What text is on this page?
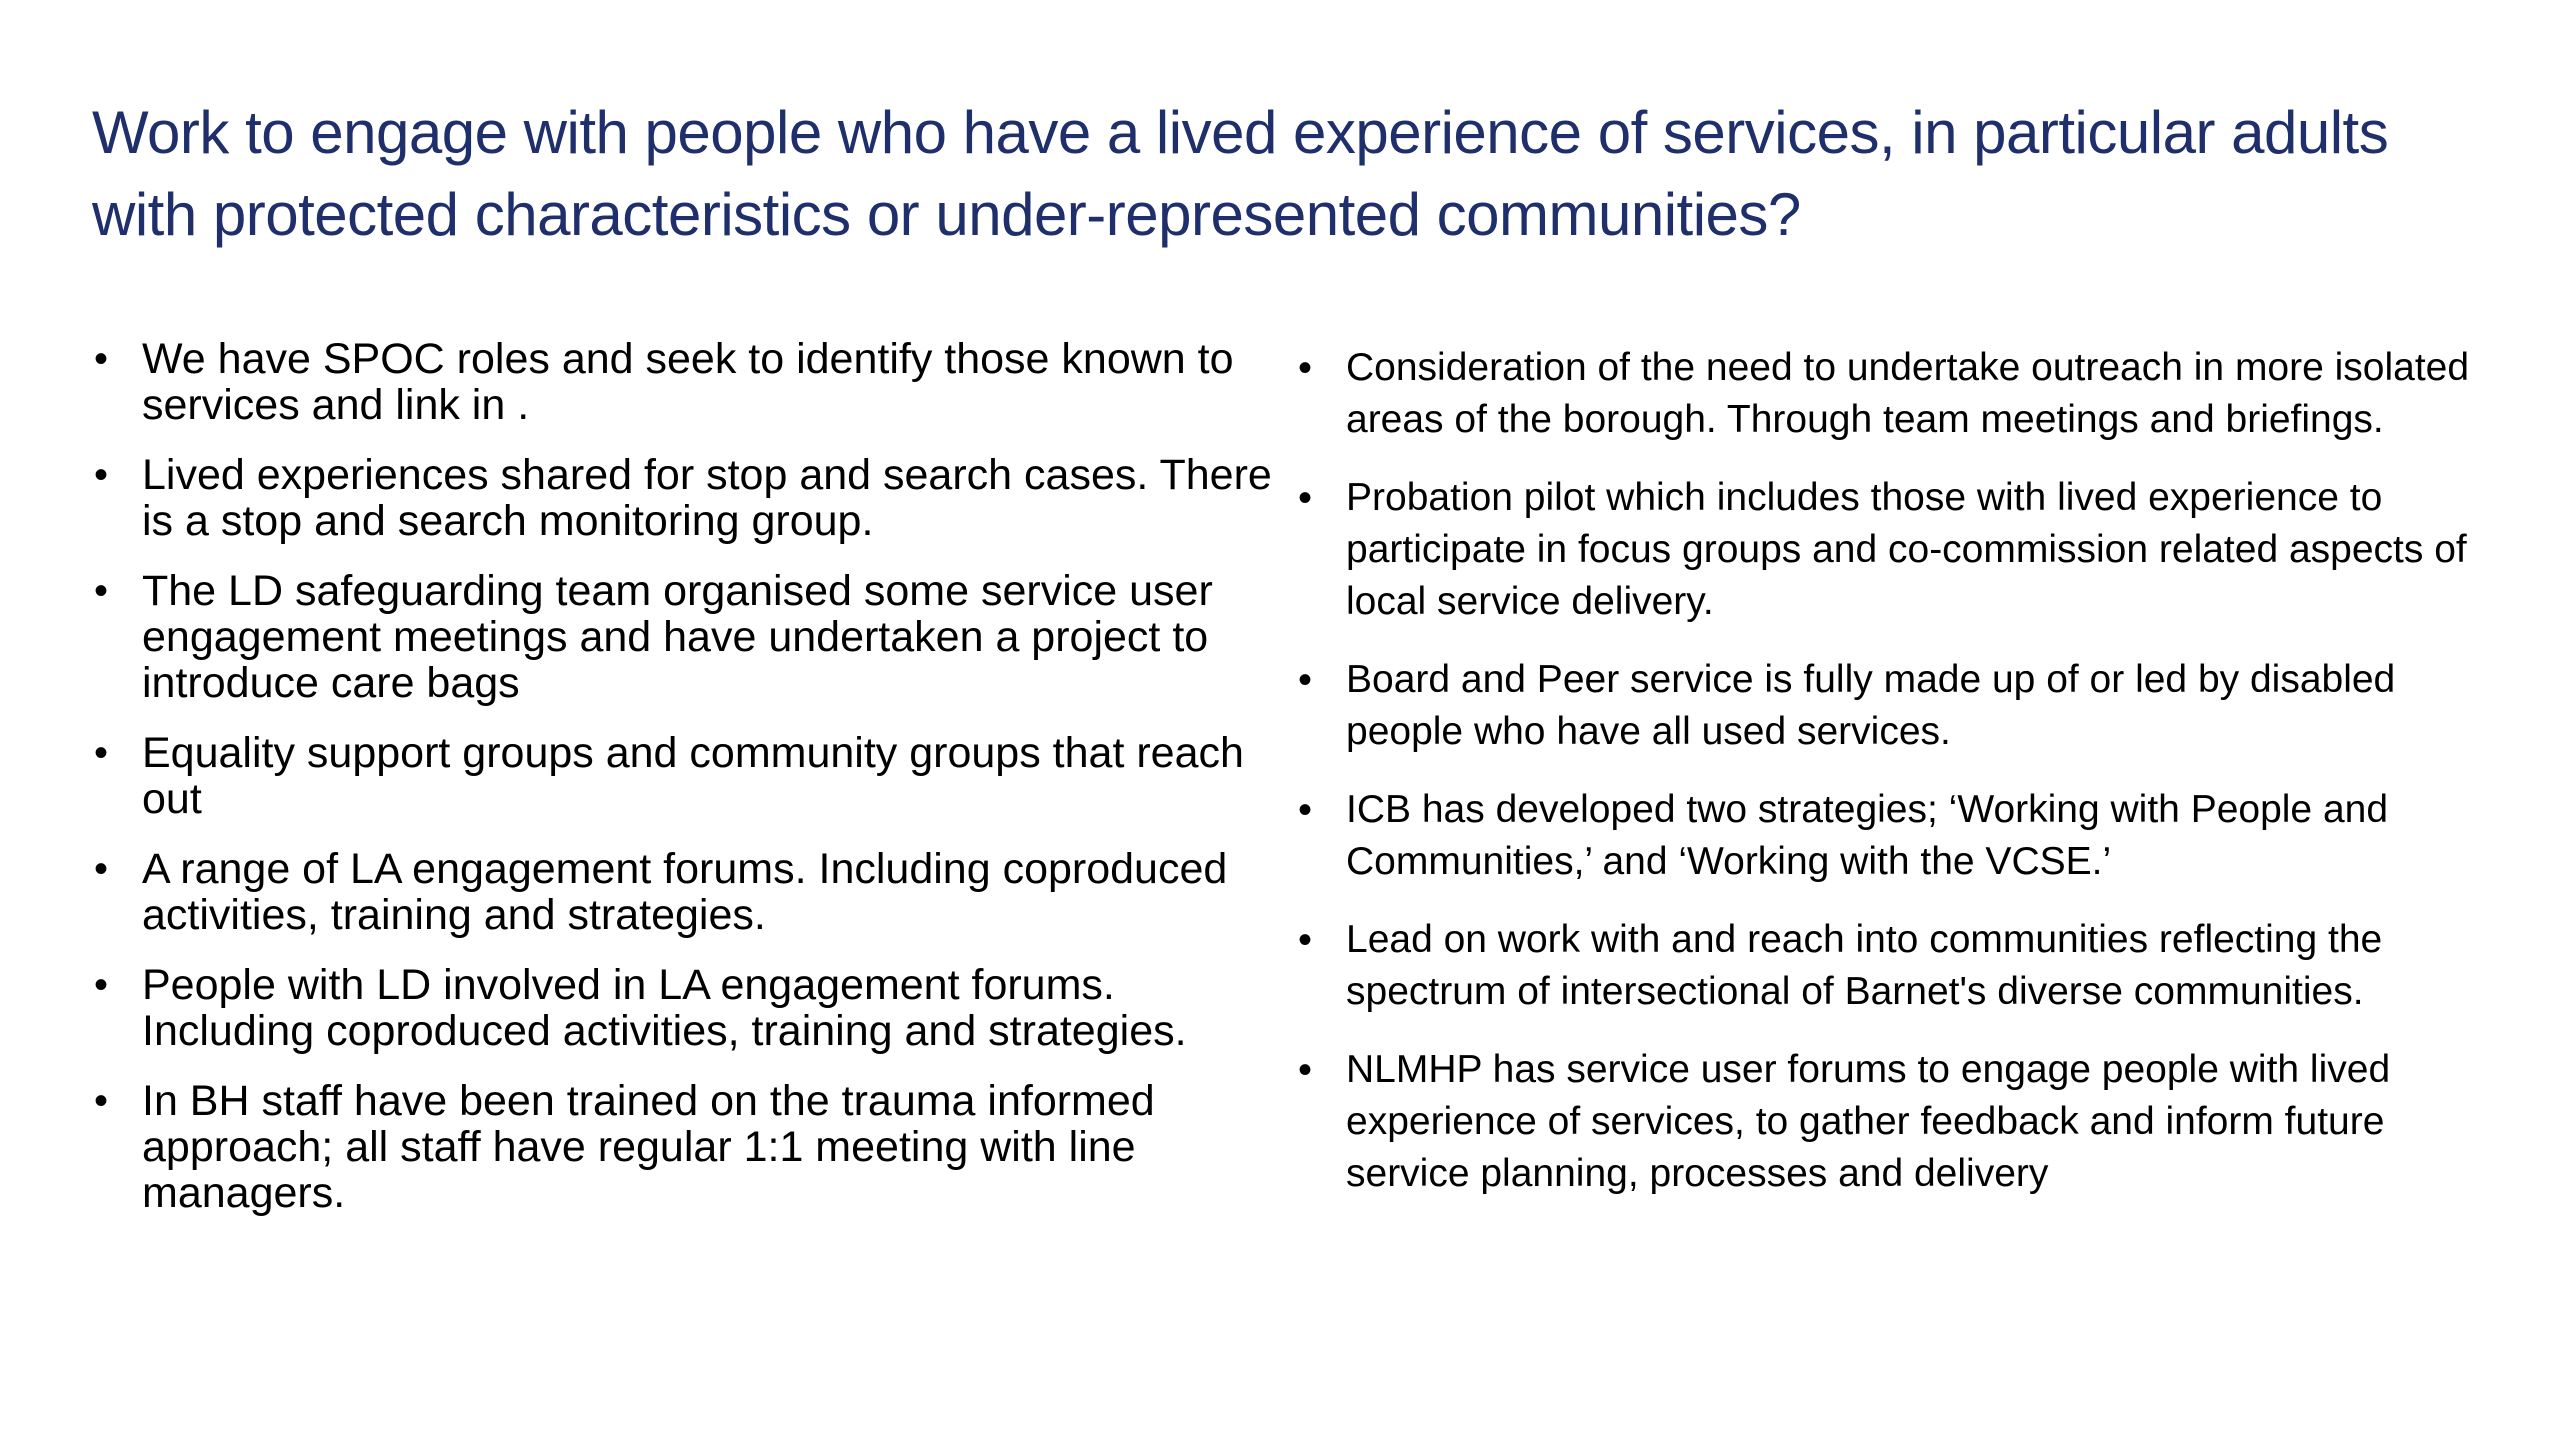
Work to engage with people who have a lived experience of services, in particular adults with protected characteristics or under-represented communities?
• We have SPOC roles and seek to identify those known to services and link in .
• Lived experiences shared for stop and search cases. There is a stop and search monitoring group.
• The LD safeguarding team organised some service user engagement meetings and have undertaken a project to introduce care bags
• Equality support groups and community groups that reach out
• A range of LA engagement forums. Including coproduced activities, training and strategies.
• People with LD involved in LA engagement forums. Including coproduced activities, training and strategies.
• In BH staff have been trained on the trauma informed approach; all staff have regular 1:1 meeting with line managers.
• Consideration of the need to undertake outreach in more isolated areas of the borough. Through team meetings and briefings.
• Probation pilot which includes those with lived experience to participate in focus groups and co-commission related aspects of local service delivery.
• Board and Peer service is fully made up of or led by disabled people who have all used services.
• ICB has developed two strategies; ‘Working with People and Communities,’ and ‘Working with the VCSE.’
• Lead on work with and reach into communities reflecting the spectrum of intersectional of Barnet's diverse communities.
• NLMHP has service user forums to engage people with lived experience of services, to gather feedback and inform future service planning, processes and delivery
